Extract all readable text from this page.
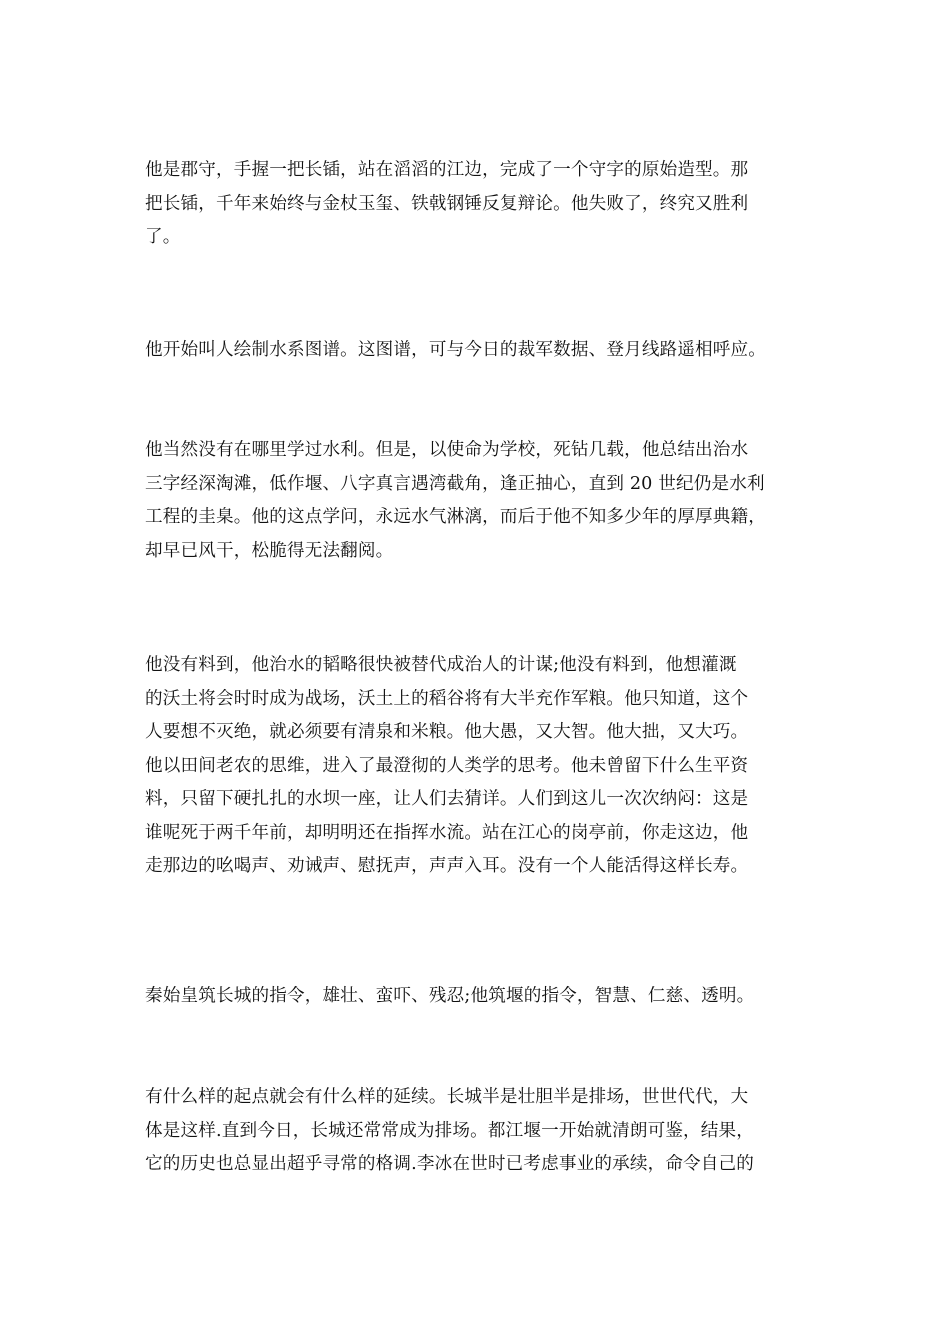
他是郡守，手握一把长锸，站在滔滔的江边，完成了一个守字的原始造型。那
把长锸，千年来始终与金杖玉玺、铁戟钢锤反复辩论。他失败了，终究又胜利
了。
他开始叫人绘制水系图谱。这图谱，可与今日的裁军数据、登月线路遥相呼应。
他当然没有在哪里学过水利。但是，以使命为学校，死钻几载，他总结出治水
三字经深淘滩，低作堰、八字真言遇湾截角，逢正抽心，直到 20 世纪仍是水利
工程的圭臬。他的这点学问，永远水气淋漓，而后于他不知多少年的厚厚典籍，
却早已风干，松脆得无法翻阅。
他没有料到，他治水的韬略很快被替代成治人的计谋;他没有料到，他想灌溉
的沃土将会时时成为战场，沃土上的稻谷将有大半充作军粮。他只知道，这个
人要想不灭绝，就必须要有清泉和米粮。他大愚，又大智。他大拙，又大巧。
他以田间老农的思维，进入了最澄彻的人类学的思考。他未曾留下什么生平资
料，只留下硬扎扎的水坝一座，让人们去猜详。人们到这儿一次次纳闷：这是
谁呢死于两千年前，却明明还在指挥水流。站在江心的岗亭前，你走这边，他
走那边的吆喝声、劝诫声、慰抚声，声声入耳。没有一个人能活得这样长寿。
秦始皇筑长城的指令，雄壮、蛮吓、残忍;他筑堰的指令，智慧、仁慈、透明。
有什么样的起点就会有什么样的延续。长城半是壮胆半是排场，世世代代，大
体是这样.直到今日，长城还常常成为排场。都江堰一开始就清朗可鉴，结果，
它的历史也总显出超乎寻常的格调.李冰在世时已考虑事业的承续，命令自己的
